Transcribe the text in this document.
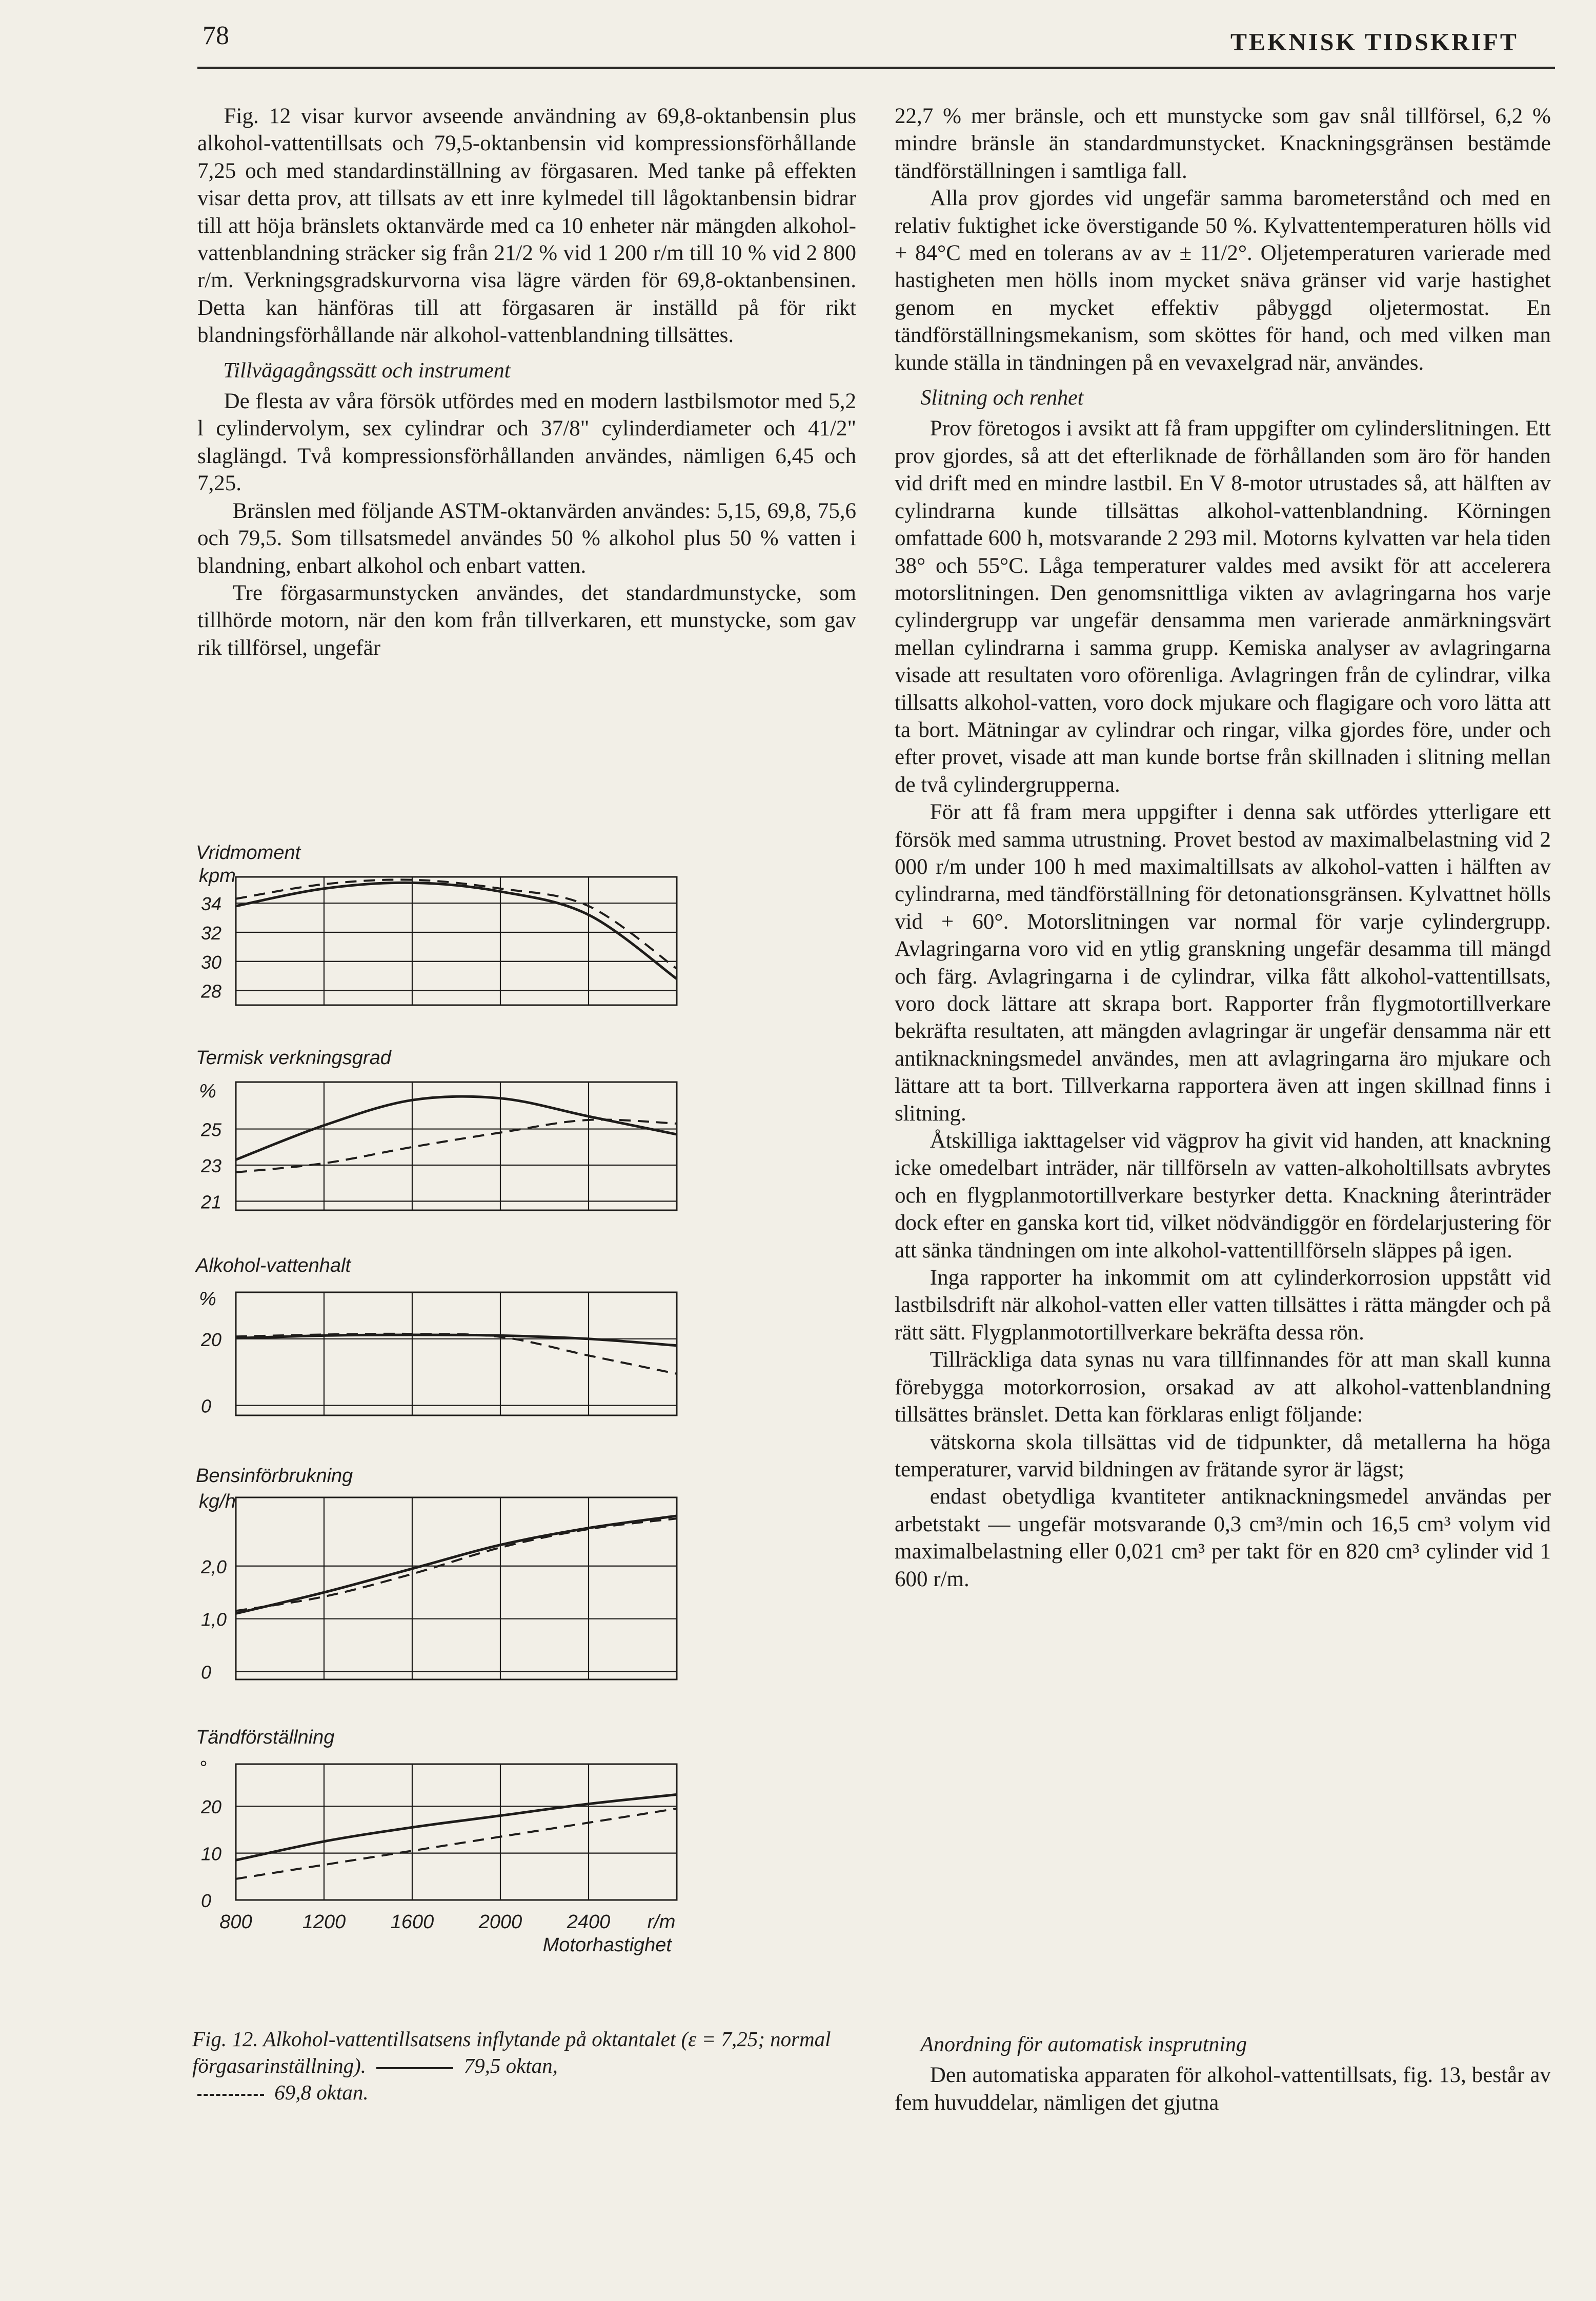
78	TEKNISK TIDSKRIFT

Fig. 12 visar kurvor avseende användning av 69,8-oktanbensin plus alkohol-vattentillsats och 79,5-oktanbensin vid kompressionsförhållande 7,25 och med standardinställning av förgasaren. Med tanke på effekten visar detta prov, att tillsats av ett inre kylmedel till lågoktanbensin bidrar till att höja bränslets oktanvärde med ca 10 enheter när mängden alkohol-vattenblandning sträcker sig från 21/2 % vid 1 200 r/m till 10 % vid 2 800 r/m. Verkningsgradskurvorna visa lägre värden för 69,8-oktanbensinen. Detta kan hänföras till att förgasaren är inställd på för rikt blandningsförhållande när alkohol-vattenblandning tillsättes.

Tillvägagångssätt och instrument

De flesta av våra försök utfördes med en modern lastbilsmotor med 5,2 l cylindervolym, sex cylindrar och 37/8" cylinderdiameter och 41/2" slaglängd. Två kompressionsförhållanden användes, nämligen 6,45 och 7,25.

Bränslen med följande ASTM-oktanvärden användes: 5,15, 69,8, 75,6 och 79,5. Som tillsatsmedel användes 50 % alkohol plus 50 % vatten i blandning, enbart alkohol och enbart vatten.

Tre förgasarmunstycken användes, det standardmunstycke, som tillhörde motorn, när den kom från tillverkaren, ett munstycke, som gav rik tillförsel, ungefär

22,7 % mer bränsle, och ett munstycke som gav snål tillförsel, 6,2 % mindre bränsle än standardmunstycket. Knackningsgränsen bestämde tändförställningen i samtliga fall.

Alla prov gjordes vid ungefär samma barometerstånd och med en relativ fuktighet icke överstigande 50 %. Kylvattentemperaturen hölls vid + 84°C med en tolerans av av ± 11/2°. Oljetemperaturen varierade med hastigheten men hölls inom mycket snäva gränser vid varje hastighet genom en mycket effektiv påbyggd oljetermostat. En tändförställningsmekanism, som sköttes för hand, och med vilken man kunde ställa in tändningen på en vevaxelgrad när, användes.

Slitning och renhet

Prov företogos i avsikt att få fram uppgifter om cylinderslitningen. Ett prov gjordes, så att det efterliknade de förhållanden som äro för handen vid drift med en mindre lastbil. En V 8-motor utrustades så, att hälften av cylindrarna kunde tillsättas alkohol-vattenblandning. Körningen omfattade 600 h, motsvarande 2 293 mil. Motorns kylvatten var hela tiden 38° och 55°C. Låga temperaturer valdes med avsikt för att accelerera motorslitningen. Den genomsnittliga vikten av avlagringarna hos varje cylindergrupp var ungefär densamma men varierade anmärkningsvärt mellan cylindrarna i samma grupp. Kemiska analyser av avlagringarna visade att resultaten voro oförenliga. Avlagringen från de cylindrar, vilka tillsatts alkohol-vatten, voro dock mjukare och flagigare och voro lätta att ta bort. Mätningar av cylindrar och ringar, vilka gjordes före, under och efter provet, visade att man kunde bortse från skillnaden i slitning mellan de två cylindergrupperna.

För att få fram mera uppgifter i denna sak utfördes ytterligare ett försök med samma utrustning. Provet bestod av maximalbelastning vid 2 000 r/m under 100 h med maximaltillsats av alkohol-vatten i hälften av cylindrarna, med tändförställning för detonationsgränsen. Kylvattnet hölls vid + 60°. Motorslitningen var normal för varje cylindergrupp. Avlagringarna voro vid en ytlig granskning ungefär desamma till mängd och färg. Avlagringarna i de cylindrar, vilka fått alkohol-vattentillsats, voro dock lättare att skrapa bort. Rapporter från flygmotortillverkare bekräfta resultaten, att mängden avlagringar är ungefär densamma när ett antiknackningsmedel användes, men att avlagringarna äro mjukare och lättare att ta bort. Tillverkarna rapportera även att ingen skillnad finns i slitning.

Åtskilliga iakttagelser vid vägprov ha givit vid handen, att knackning icke omedelbart inträder, när tillförseln av vatten-alkoholtillsats avbrytes och en flygplanmotortillverkare bestyrker detta. Knackning återinträder dock efter en ganska kort tid, vilket nödvändiggör en fördelarjustering för att sänka tändningen om inte alkohol-vattentillförseln släppes på igen.

Inga rapporter ha inkommit om att cylinderkorrosion uppstått vid lastbilsdrift när alkohol-vatten eller vatten tillsättes i rätta mängder och på rätt sätt. Flygplanmotortillverkare bekräfta dessa rön.

Tillräckliga data synas nu vara tillfinnandes för att man skall kunna förebygga motorkorrosion, orsakad av att alkohol-vattenblandning tillsättes bränslet. Detta kan förklaras enligt följande:

vätskorna skola tillsättas vid de tidpunkter, då metallerna ha höga temperaturer, varvid bildningen av frätande syror är lägst;

endast obetydliga kvantiteter antiknackningsmedel användas per arbetstakt — ungefär motsvarande 0,3 cm³/min och 16,5 cm³ volym vid maximalbelastning eller 0,021 cm³ per takt för en 820 cm³ cylinder vid 1 600 r/m.

34
32
30
28
Vridmoment
kpm
25
23
21
Termisk verkningsgrad
%
20
0
Alkohol-vattenhalt
%
2,0
1,0
0
Bensinförbrukning
kg/h
20
10
0
Tändförställning
°
800	1200 1600 2000 2400 r/m
Motorhastighet
Fig. 12. Alkohol-vattentillsatsens inflytande på oktantalet (ε = 7,25; normal förgasarinställning).	79,5 oktan,
69,8 oktan.
Anordning för automatisk insprutning

Den automatiska apparaten för alkohol-vattentillsats, fig. 13, består av fem huvuddelar, nämligen det gjutna
